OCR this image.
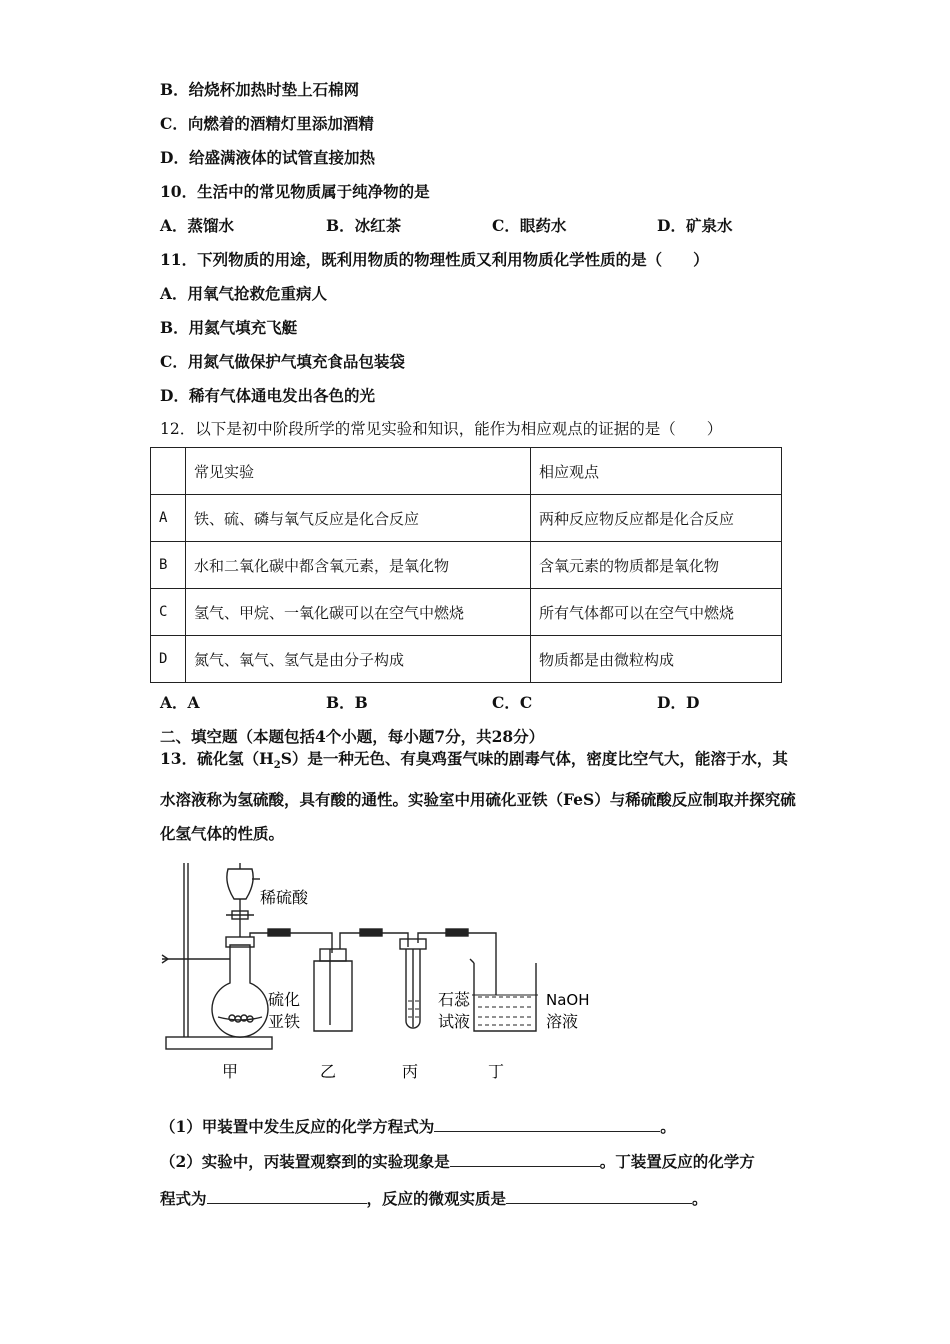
B．给烧杯加热时垫上石棉网
C．向燃着的酒精灯里添加酒精
D．给盛满液体的试管直接加热
10．生活中的常见物质属于纯净物的是
A．蒸馏水	B．冰红茶	C．眼药水	D．矿泉水
11．下列物质的用途，既利用物质的物理性质又利用物质化学性质的是（　　）
A．用氧气抢救危重病人
B．用氦气填充飞艇
C．用氮气做保护气填充食品包装袋
D．稀有气体通电发出各色的光
12．以下是初中阶段所学的常见实验和知识，能作为相应观点的证据的是（　　）
	常见实验	相应观点
A	铁、硫、磷与氧气反应是化合反应	两种反应物反应都是化合反应
B	水和二氧化碳中都含氧元素，是氧化物	含氧元素的物质都是氧化物
C	氢气、甲烷、一氧化碳可以在空气中燃烧	所有气体都可以在空气中燃烧
D	氮气、氧气、氢气是由分子构成	物质都是由微粒构成
A．A	B．B	C．C	D．D
二、填空题（本题包括4个小题，每小题7分，共28分）
13．硫化氢$(H_2S)$是一种无色、有臭鸡蛋气味的剧毒气体，密度比空气大，能溶于水，其水溶液称为氢硫酸，具有酸的通性。实验室中用硫化亚铁（FeS）与稀硫酸反应制取并探究硫化氢气体的性质。
稀硫酸
硫化
亚铁
石蕊
试液
NaOH
溶液
甲	乙	丙	丁
（1）甲装置中发生反应的化学方程式为	。
（2）实验中，丙装置观察到的实验现象是	。丁装置反应的化学方
程式为	，反应的微观实质是	。
